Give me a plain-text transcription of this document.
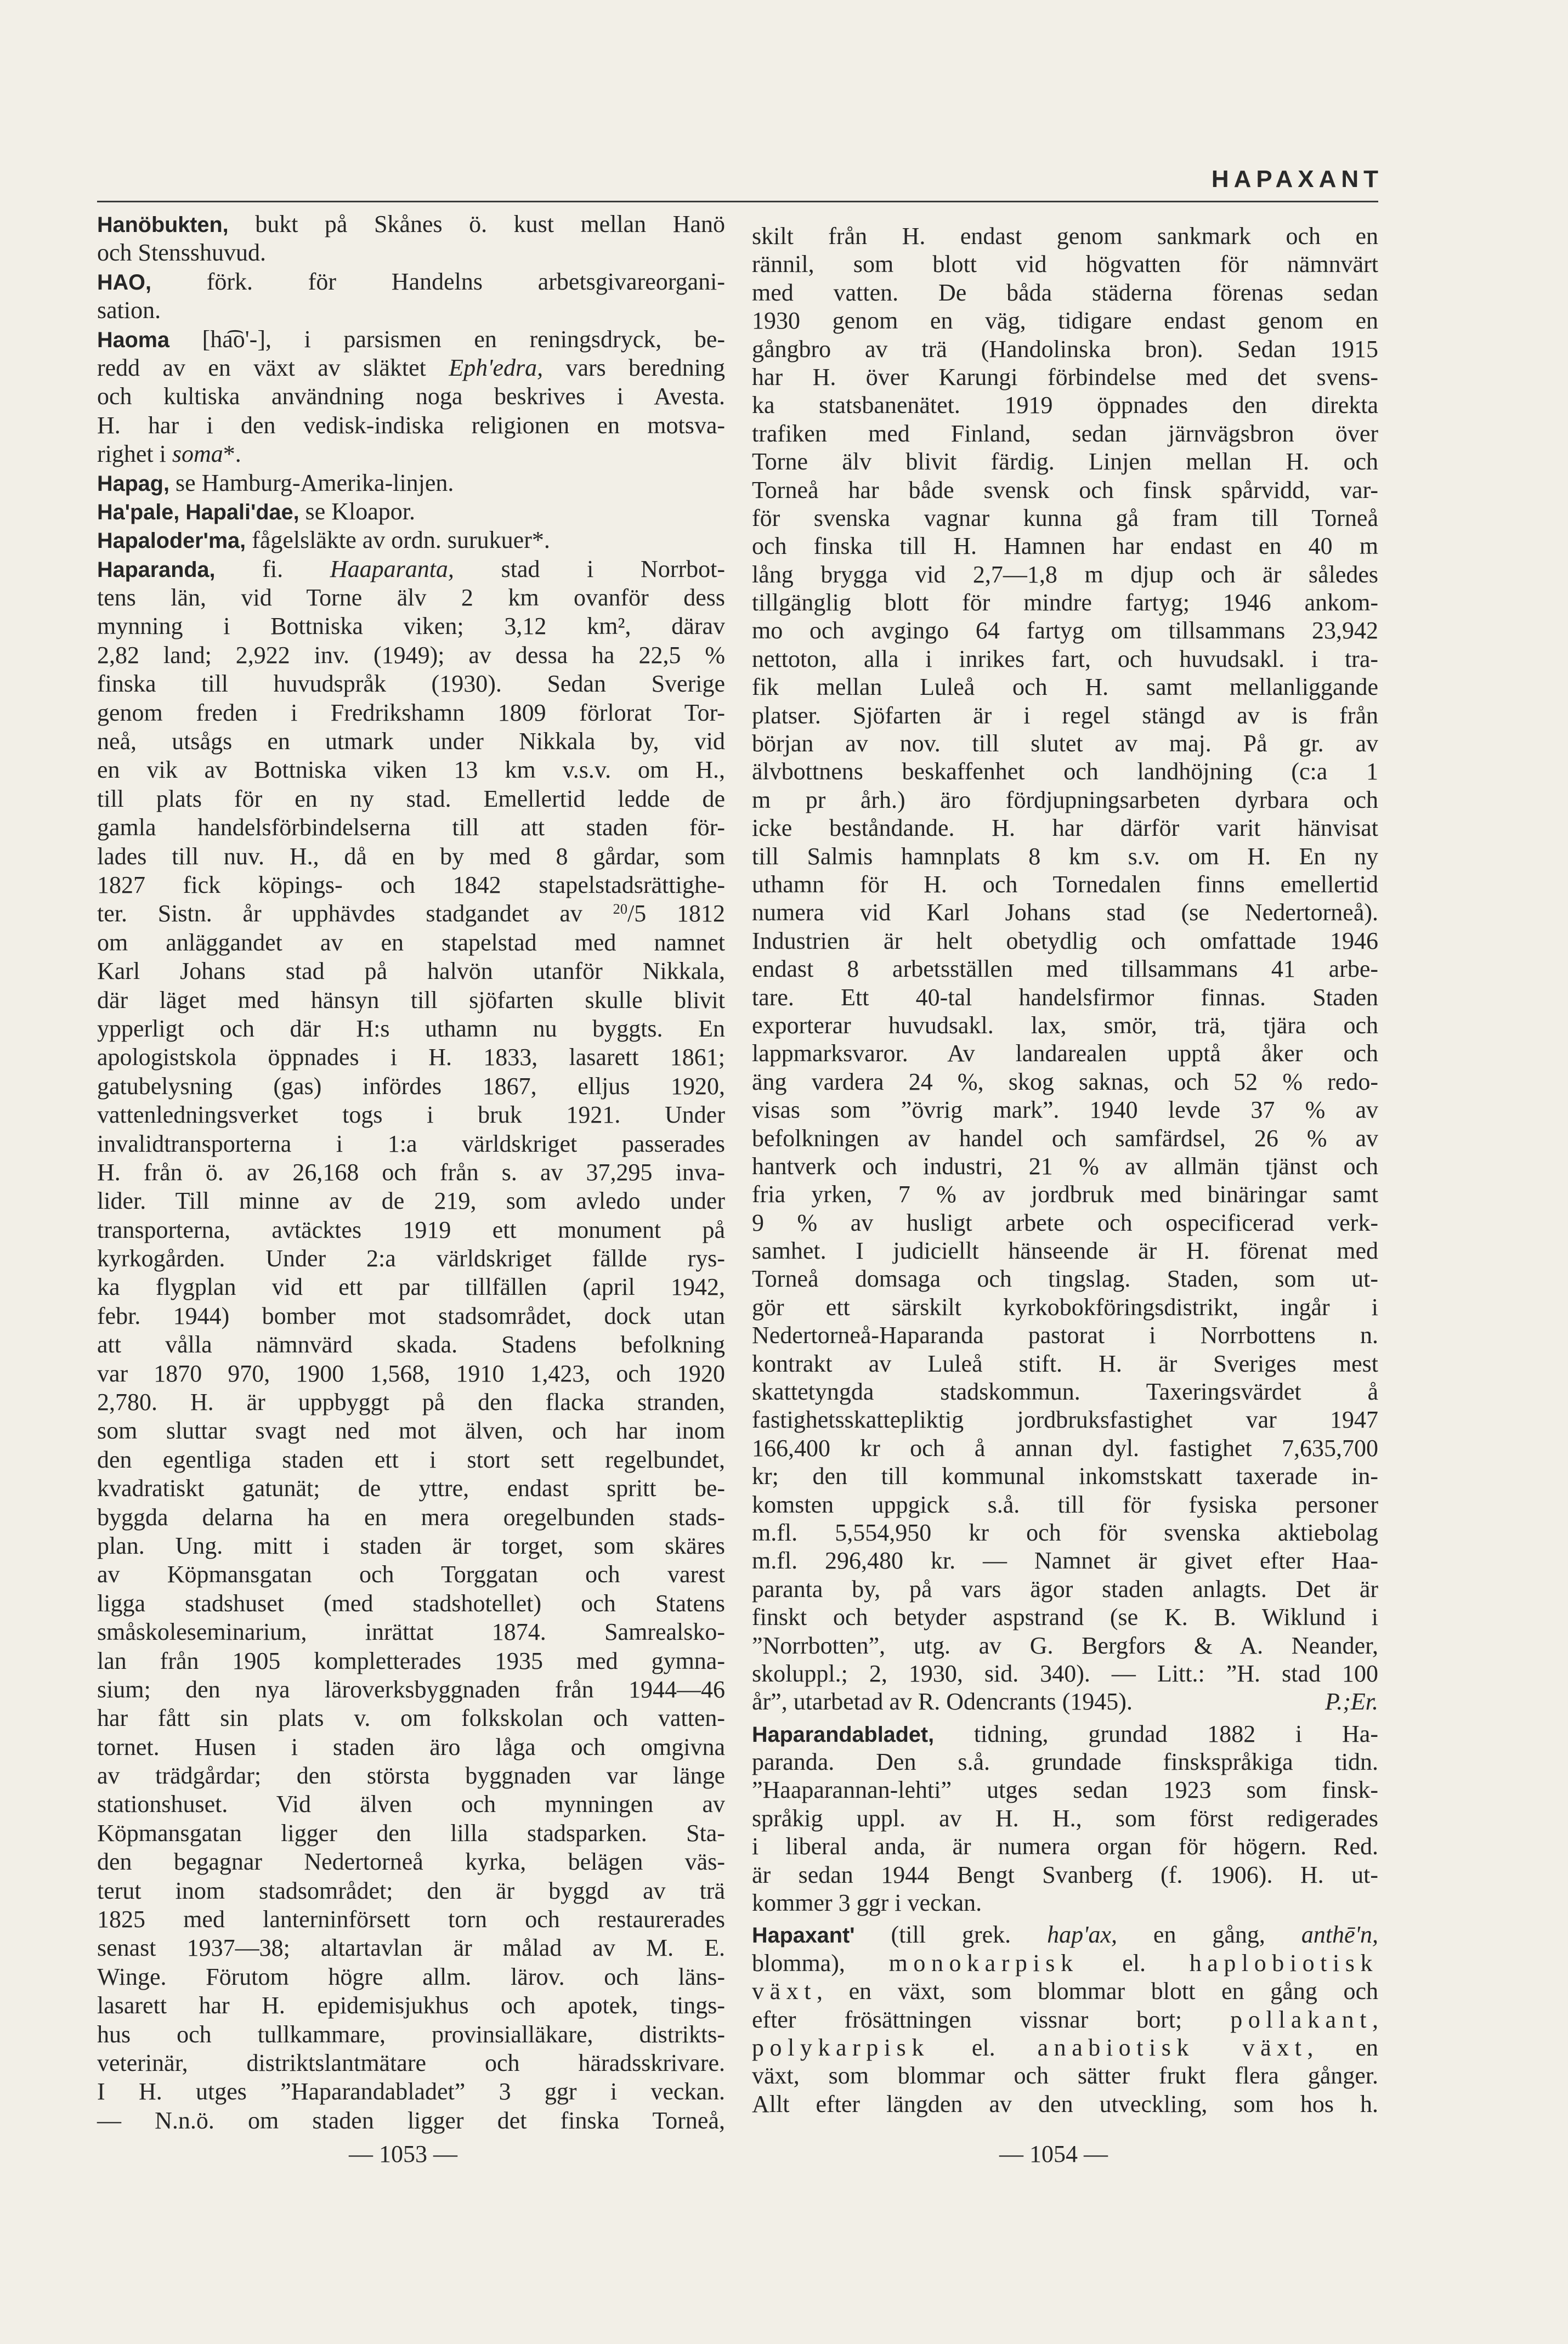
HAPAXANT
Hanöbukten, bukt på Skånes ö. kust mellan Hanö
och Stensshuvud.
HAO, förk. för Handelns arbetsgivareorgani-
sation.
Haoma [ha͡o'-], i parsismen en reningsdryck, be-
redd av en växt av släktet Eph'edra, vars beredning
och kultiska användning noga beskrives i Avesta.
H. har i den vedisk-indiska religionen en motsva-
righet i soma*.
Hapag, se Hamburg-Amerika-linjen.
Ha'pale, Hapali'dae, se Kloapor.
Hapaloder'ma, fågelsläkte av ordn. surukuer*.
Haparanda, fi. Haaparanta, stad i Norrbot-
tens län, vid Torne älv 2 km ovanför dess
mynning i Bottniska viken; 3,12 km², därav
2,82 land; 2,922 inv. (1949); av dessa ha 22,5 %
finska till huvudspråk (1930). Sedan Sverige
genom freden i Fredrikshamn 1809 förlorat Tor-
neå, utsågs en utmark under Nikkala by, vid
en vik av Bottniska viken 13 km v.s.v. om H.,
till plats för en ny stad. Emellertid ledde de
gamla handelsförbindelserna till att staden för-
lades till nuv. H., då en by med 8 gårdar, som
1827 fick köpings- och 1842 stapelstadsrättighe-
ter. Sistn. år upphävdes stadgandet av $^{20}$/5 1812
om anläggandet av en stapelstad med namnet
Karl Johans stad på halvön utanför Nikkala,
där läget med hänsyn till sjöfarten skulle blivit
ypperligt och där H:s uthamn nu byggts. En
apologistskola öppnades i H. 1833, lasarett 1861;
gatubelysning (gas) infördes 1867, elljus 1920,
vattenledningsverket togs i bruk 1921. Under
invalidtransporterna i 1:a världskriget passerades
H. från ö. av 26,168 och från s. av 37,295 inva-
lider. Till minne av de 219, som avledo under
transporterna, avtäcktes 1919 ett monument på
kyrkogården. Under 2:a världskriget fällde rys-
ka flygplan vid ett par tillfällen (april 1942,
febr. 1944) bomber mot stadsområdet, dock utan
att vålla nämnvärd skada. Stadens befolkning
var 1870 970, 1900 1,568, 1910 1,423, och 1920
2,780. H. är uppbyggt på den flacka stranden,
som sluttar svagt ned mot älven, och har inom
den egentliga staden ett i stort sett regelbundet,
kvadratiskt gatunät; de yttre, endast spritt be-
byggda delarna ha en mera oregelbunden stads-
plan. Ung. mitt i staden är torget, som skäres
av Köpmansgatan och Torggatan och varest
ligga stadshuset (med stadshotellet) och Statens
småskoleseminarium, inrättat 1874. Samrealsko-
lan från 1905 kompletterades 1935 med gymna-
sium; den nya läroverksbyggnaden från 1944—46
har fått sin plats v. om folkskolan och vatten-
tornet. Husen i staden äro låga och omgivna
av trädgårdar; den största byggnaden var länge
stationshuset. Vid älven och mynningen av
Köpmansgatan ligger den lilla stadsparken. Sta-
den begagnar Nedertorneå kyrka, belägen väs-
terut inom stadsområdet; den är byggd av trä
1825 med lanterninförsett torn och restaurerades
senast 1937—38; altartavlan är målad av M. E.
Winge. Förutom högre allm. lärov. och läns-
lasarett har H. epidemisjukhus och apotek, tings-
hus och tullkammare, provinsialläkare, distrikts-
veterinär, distriktslantmätare och häradsskrivare.
I H. utges ”Haparandabladet” 3 ggr i veckan.
— N.n.ö. om staden ligger det finska Torneå,
skilt från H. endast genom sankmark och en
rännil, som blott vid högvatten för nämnvärt
med vatten. De båda städerna förenas sedan
1930 genom en väg, tidigare endast genom en
gångbro av trä (Handolinska bron). Sedan 1915
har H. över Karungi förbindelse med det svens-
ka statsbanenätet. 1919 öppnades den direkta
trafiken med Finland, sedan järnvägsbron över
Torne älv blivit färdig. Linjen mellan H. och
Torneå har både svensk och finsk spårvidd, var-
för svenska vagnar kunna gå fram till Torneå
och finska till H. Hamnen har endast en 40 m
lång brygga vid 2,7—1,8 m djup och är således
tillgänglig blott för mindre fartyg; 1946 ankom-
mo och avgingo 64 fartyg om tillsammans 23,942
nettoton, alla i inrikes fart, och huvudsakl. i tra-
fik mellan Luleå och H. samt mellanliggande
platser. Sjöfarten är i regel stängd av is från
början av nov. till slutet av maj. På gr. av
älvbottnens beskaffenhet och landhöjning (c:a 1
m pr årh.) äro fördjupningsarbeten dyrbara och
icke beståndande. H. har därför varit hänvisat
till Salmis hamnplats 8 km s.v. om H. En ny
uthamn för H. och Tornedalen finns emellertid
numera vid Karl Johans stad (se Nedertorneå).
Industrien är helt obetydlig och omfattade 1946
endast 8 arbetsställen med tillsammans 41 arbe-
tare. Ett 40-tal handelsfirmor finnas. Staden
exporterar huvudsakl. lax, smör, trä, tjära och
lappmarksvaror. Av landarealen upptå åker och
äng vardera 24 %, skog saknas, och 52 % redo-
visas som ”övrig mark”. 1940 levde 37 % av
befolkningen av handel och samfärdsel, 26 % av
hantverk och industri, 21 % av allmän tjänst och
fria yrken, 7 % av jordbruk med binäringar samt
9 % av husligt arbete och ospecificerad verk-
samhet. I judiciellt hänseende är H. förenat med
Torneå domsaga och tingslag. Staden, som ut-
gör ett särskilt kyrkobokföringsdistrikt, ingår i
Nedertorneå-Haparanda pastorat i Norrbottens n.
kontrakt av Luleå stift. H. är Sveriges mest
skattetyngda stadskommun. Taxeringsvärdet å
fastighetsskattepliktig jordbruksfastighet var 1947
166,400 kr och å annan dyl. fastighet 7,635,700
kr; den till kommunal inkomstskatt taxerade in-
komsten uppgick s.å. till för fysiska personer
m.fl. 5,554,950 kr och för svenska aktiebolag
m.fl. 296,480 kr. — Namnet är givet efter Haa-
paranta by, på vars ägor staden anlagts. Det är
finskt och betyder aspstrand (se K. B. Wiklund i
”Norrbotten”, utg. av G. Bergfors & A. Neander,
skoluppl.; 2, 1930, sid. 340). — Litt.: ”H. stad 100
år”, utarbetad av R. Odencrants (1945).	P.;Er.
Haparandabladet, tidning, grundad 1882 i Ha-
paranda. Den s.å. grundade finskspråkiga tidn.
”Haaparannan-lehti” utges sedan 1923 som finsk-
språkig uppl. av H. H., som först redigerades
i liberal anda, är numera organ för högern. Red.
är sedan 1944 Bengt Svanberg (f. 1906). H. ut-
kommer 3 ggr i veckan.
Hapaxant' (till grek. hap'ax, en gång, anthē'n,
blomma), monokarpisk el. haplobiotisk
växt, en växt, som blommar blott en gång och
efter frösättningen vissnar bort; pollakant,
polykarpisk el. anabiotisk växt, en
växt, som blommar och sätter frukt flera gånger.
Allt efter längden av den utveckling, som hos h.
— 1053 —	— 1054 —
